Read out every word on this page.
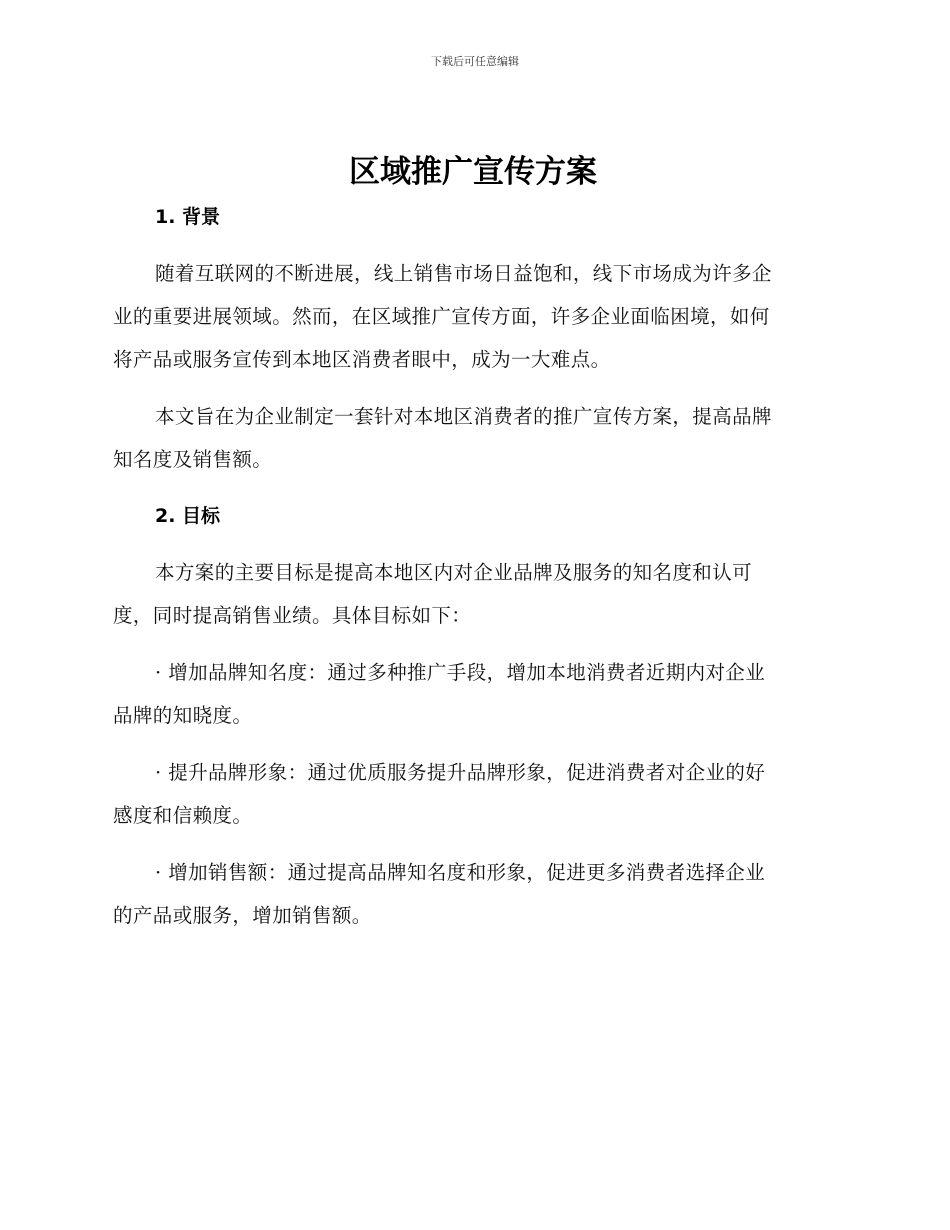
下载后可任意编辑
区域推广宣传方案
1. 背景

随着互联网的不断进展，线上销售市场日益饱和，线下市场成为许多企
业的重要进展领域。然而，在区域推广宣传方面，许多企业面临困境，如何
将产品或服务宣传到本地区消费者眼中，成为一大难点。

本文旨在为企业制定一套针对本地区消费者的推广宣传方案，提高品牌
知名度及销售额。

2. 目标

本方案的主要目标是提高本地区内对企业品牌及服务的知名度和认可
度，同时提高销售业绩。具体目标如下：

· 增加品牌知名度：通过多种推广手段，增加本地消费者近期内对企业
品牌的知晓度。

· 提升品牌形象：通过优质服务提升品牌形象，促进消费者对企业的好
感度和信赖度。

· 增加销售额：通过提高品牌知名度和形象，促进更多消费者选择企业
的产品或服务，增加销售额。
